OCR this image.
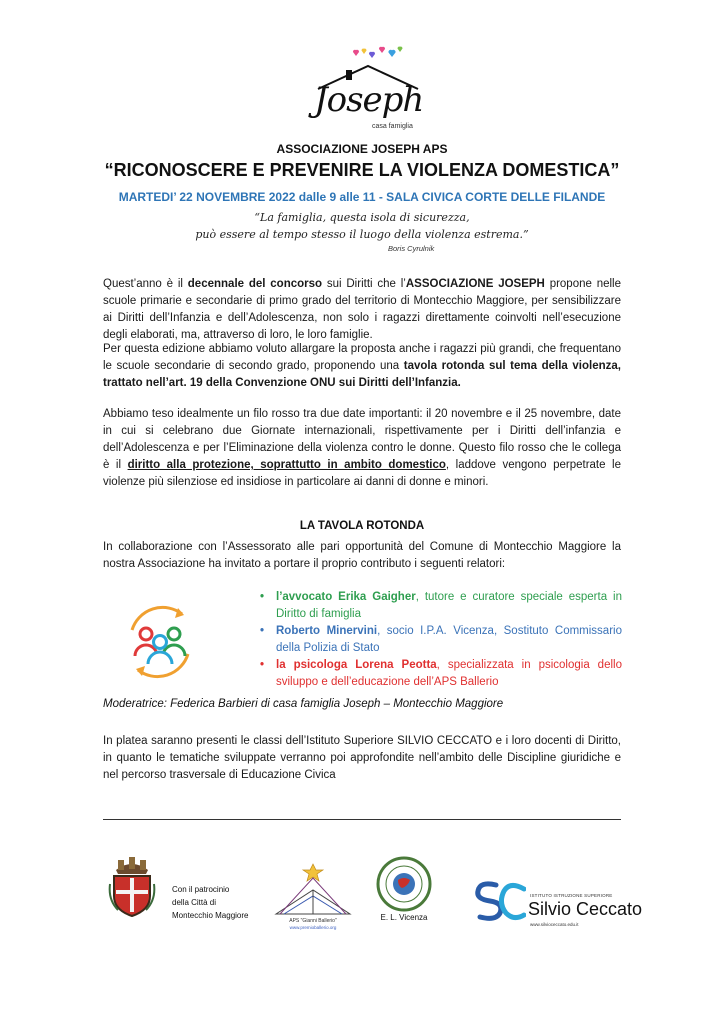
Joseph
casa famiglia
ASSOCIAZIONE JOSEPH APS
“RICONOSCERE E PREVENIRE LA VIOLENZA DOMESTICA”
MARTEDI’ 22 NOVEMBRE 2022 dalle 9 alle 11 - SALA CIVICA CORTE DELLE FILANDE
“La famiglia, questa isola di sicurezza,
può essere al tempo stesso il luogo della violenza estrema.”
Boris Cyrulnik
Quest’anno è il decennale del concorso sui Diritti che l’ASSOCIAZIONE JOSEPH propone nelle scuole primarie e secondarie di primo grado del territorio di Montecchio Maggiore, per sensibilizzare ai Diritti dell’Infanzia e dell’Adolescenza, non solo i ragazzi direttamente coinvolti nell’esecuzione degli elaborati, ma, attraverso di loro, le loro famiglie.
Per questa edizione abbiamo voluto allargare la proposta anche i ragazzi più grandi, che frequentano le scuole secondarie di secondo grado, proponendo una tavola rotonda sul tema della violenza, trattato nell’art. 19 della Convenzione ONU sui Diritti dell’Infanzia.
Abbiamo teso idealmente un filo rosso tra due date importanti: il 20 novembre e il 25 novembre, date in cui si celebrano due Giornate internazionali, rispettivamente per i Diritti dell’infanzia e dell’Adolescenza e per l’Eliminazione della violenza contro le donne. Questo filo rosso che le collega è il diritto alla protezione, soprattutto in ambito domestico, laddove vengono perpetrate le violenze più silenziose ed insidiose in particolare ai danni di donne e minori.
LA TAVOLA ROTONDA
In collaborazione con l’Assessorato alle pari opportunità del Comune di Montecchio Maggiore la nostra Associazione ha invitato a portare il proprio contributo i seguenti relatori:
• l’avvocato Erika Gaigher, tutore e curatore speciale esperta in Diritto di famiglia
• Roberto Minervini, socio I.P.A. Vicenza, Sostituto Commissario della Polizia di Stato
• la psicologa Lorena Peotta, specializzata in psicologia dello sviluppo e dell’educazione dell’APS Ballerio
Moderatrice: Federica Barbieri di casa famiglia Joseph – Montecchio Maggiore
In platea saranno presenti le classi dell’Istituto Superiore SILVIO CECCATO e i loro docenti di Diritto, in quanto le tematiche sviluppate verranno poi approfondite nell’ambito delle Discipline giuridiche e nel percorso trasversale di Educazione Civica
Con il patrocinio
della Città di
Montecchio Maggiore
APS "Gianni Ballerio"
www.premioballerio.org
E. L. Vicenza
ISTITUTO ISTRUZIONE SUPERIORE
Silvio Ceccato
www.silvioceccato.edu.it
